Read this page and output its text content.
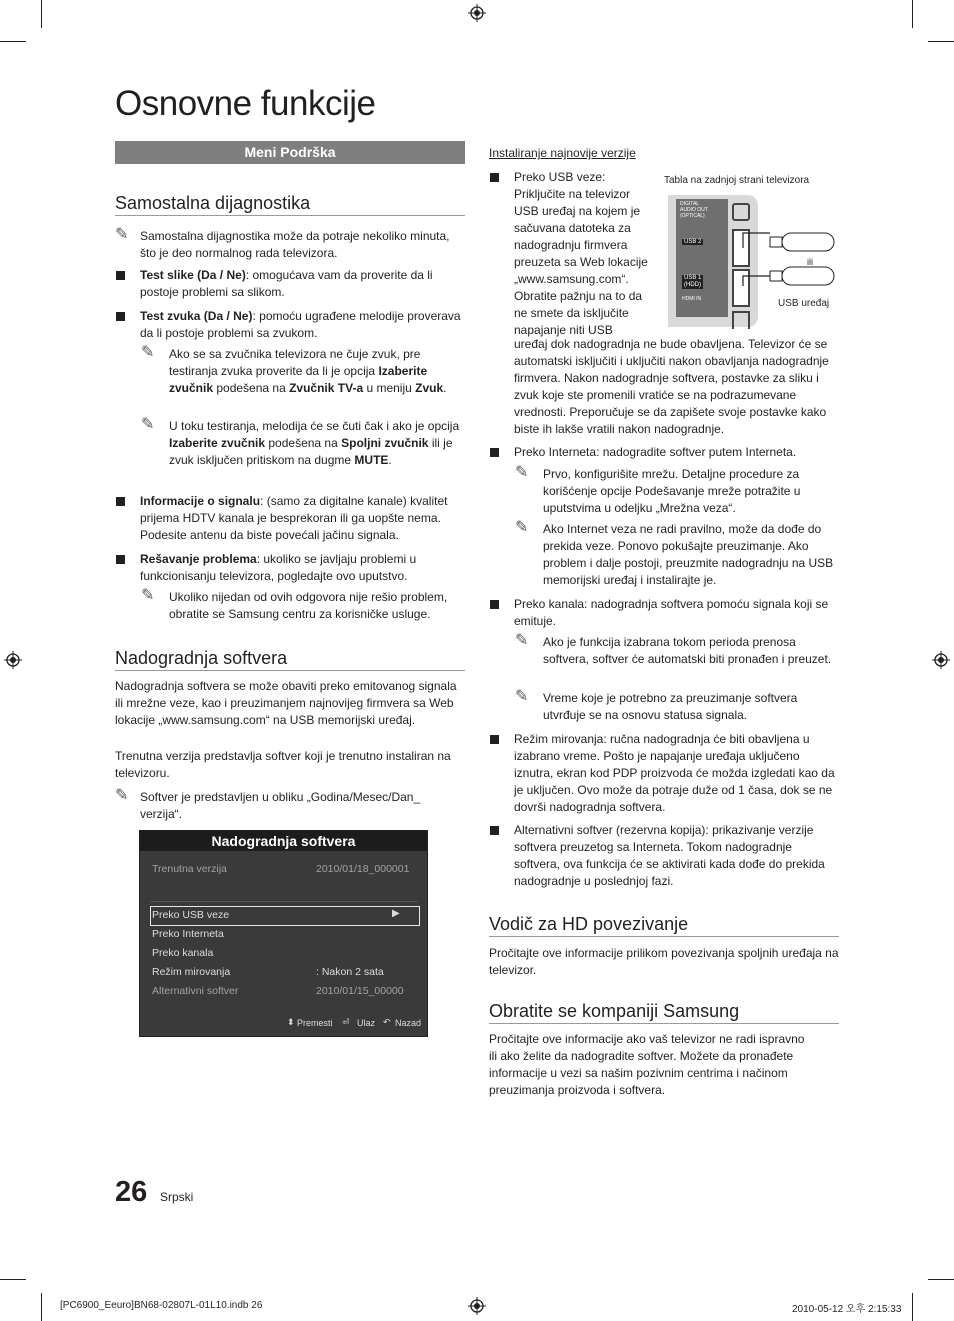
Osnovne funkcije
Meni Podrška
Samostalna dijagnostika
✎ Samostalna dijagnostika može da potraje nekoliko minuta, što je deo normalnog rada televizora.
Test slike (Da / Ne): omogućava vam da proverite da li postoje problemi sa slikom.
Test zvuka (Da / Ne): pomoću ugrađene melodije proverava da li postoje problemi sa zvukom.
✎ Ako se sa zvučnika televizora ne čuje zvuk, pre testiranja zvuka proverite da li je opcija Izaberite zvučnik podešena na Zvučnik TV-a u meniju Zvuk.
✎ U toku testiranja, melodija će se čuti čak i ako je opcija Izaberite zvučnik podešena na Spoljni zvučnik ili je zvuk isključen pritiskom na dugme MUTE.
Informacije o signalu: (samo za digitalne kanale) kvalitet prijema HDTV kanala je besprekoran ili ga uopšte nema. Podesite antenu da biste povećali jačinu signala.
Rešavanje problema: ukoliko se javljaju problemi u funkcionisanju televizora, pogledajte ovo uputstvo.
✎ Ukoliko nijedan od ovih odgovora nije rešio problem, obratite se Samsung centru za korisničke usluge.
Nadogradnja softvera
Nadogradnja softvera se može obaviti preko emitovanog signala ili mrežne veze, kao i preuzimanjem najnovijeg firmvera sa Web lokacije „www.samsung.com“ na USB memorijski uređaj.
Trenutna verzija predstavlja softver koji je trenutno instaliran na televizoru.
✎ Softver je predstavljen u obliku „Godina/Mesec/Dan_ verzija“.
Nadogradnja softvera
Trenutna verzija	2010/01/18_000001
Preko USB veze	▶
Preko Interneta
Preko kanala
Režim mirovanja	: Nakon 2 sata
Alternativni softver	2010/01/15_00000
⬍ Premesti ⏎ Ulaz ↶ Nazad
Instaliranje najnovije verzije
Preko USB veze:
Priključite na televizor
USB uređaj na kojem je
sačuvana datoteka za
nadogradnju firmvera
preuzeta sa Web lokacije
„www.samsung.com“.
Obratite pažnju na to da
ne smete da isključite
napajanje niti USB
uređaj dok nadogradnja ne bude obavljena. Televizor će se automatski isključiti i uključiti nakon obavljanja nadogradnje firmvera. Nakon nadogradnje softvera, postavke za sliku i zvuk koje ste promenili vratiće se na podrazumevane vrednosti. Preporučuje se da zapišete svoje postavke kako biste ih lakše vratili nakon nadogradnje.
Tabla na zadnjoj strani televizora
DIGITAL
AUDIO OUT
(OPTICAL)
USB 2
USB 1
(HDD)
HDMI IN
ili
USB uređaj
Preko Interneta: nadogradite softver putem Interneta.
✎ Prvo, konfigurišite mrežu. Detaljne procedure za korišćenje opcije Podešavanje mreže potražite u uputstvima u odeljku „Mrežna veza“.
✎ Ako Internet veza ne radi pravilno, može da dođe do prekida veze. Ponovo pokušajte preuzimanje. Ako problem i dalje postoji, preuzmite nadogradnju na USB memorijski uređaj i instalirajte je.
Preko kanala: nadogradnja softvera pomoću signala koji se emituje.
✎ Ako je funkcija izabrana tokom perioda prenosa softvera, softver će automatski biti pronađen i preuzet.
✎ Vreme koje je potrebno za preuzimanje softvera utvrđuje se na osnovu statusa signala.
Režim mirovanja: ručna nadogradnja će biti obavljena u izabrano vreme. Pošto je napajanje uređaja uključeno iznutra, ekran kod PDP proizvoda će možda izgledati kao da je uključen. Ovo može da potraje duže od 1 časa, dok se ne dovrši nadogradnja softvera.
Alternativni softver (rezervna kopija): prikazivanje verzije softvera preuzetog sa Interneta. Tokom nadogradnje softvera, ova funkcija će se aktivirati kada dođe do prekida nadogradnje u poslednjoj fazi.
Vodič za HD povezivanje
Pročitajte ove informacije prilikom povezivanja spoljnih uređaja na televizor.
Obratite se kompaniji Samsung
Pročitajte ove informacije ako vaš televizor ne radi ispravno ili ako želite da nadogradite softver. Možete da pronađete informacije u vezi sa našim pozivnim centrima i načinom preuzimanja proizvoda i softvera.
26 Srpski
[PC6900_Eeuro]BN68-02807L-01L10.indb 26	2010-05-12 오후 2:15:33
